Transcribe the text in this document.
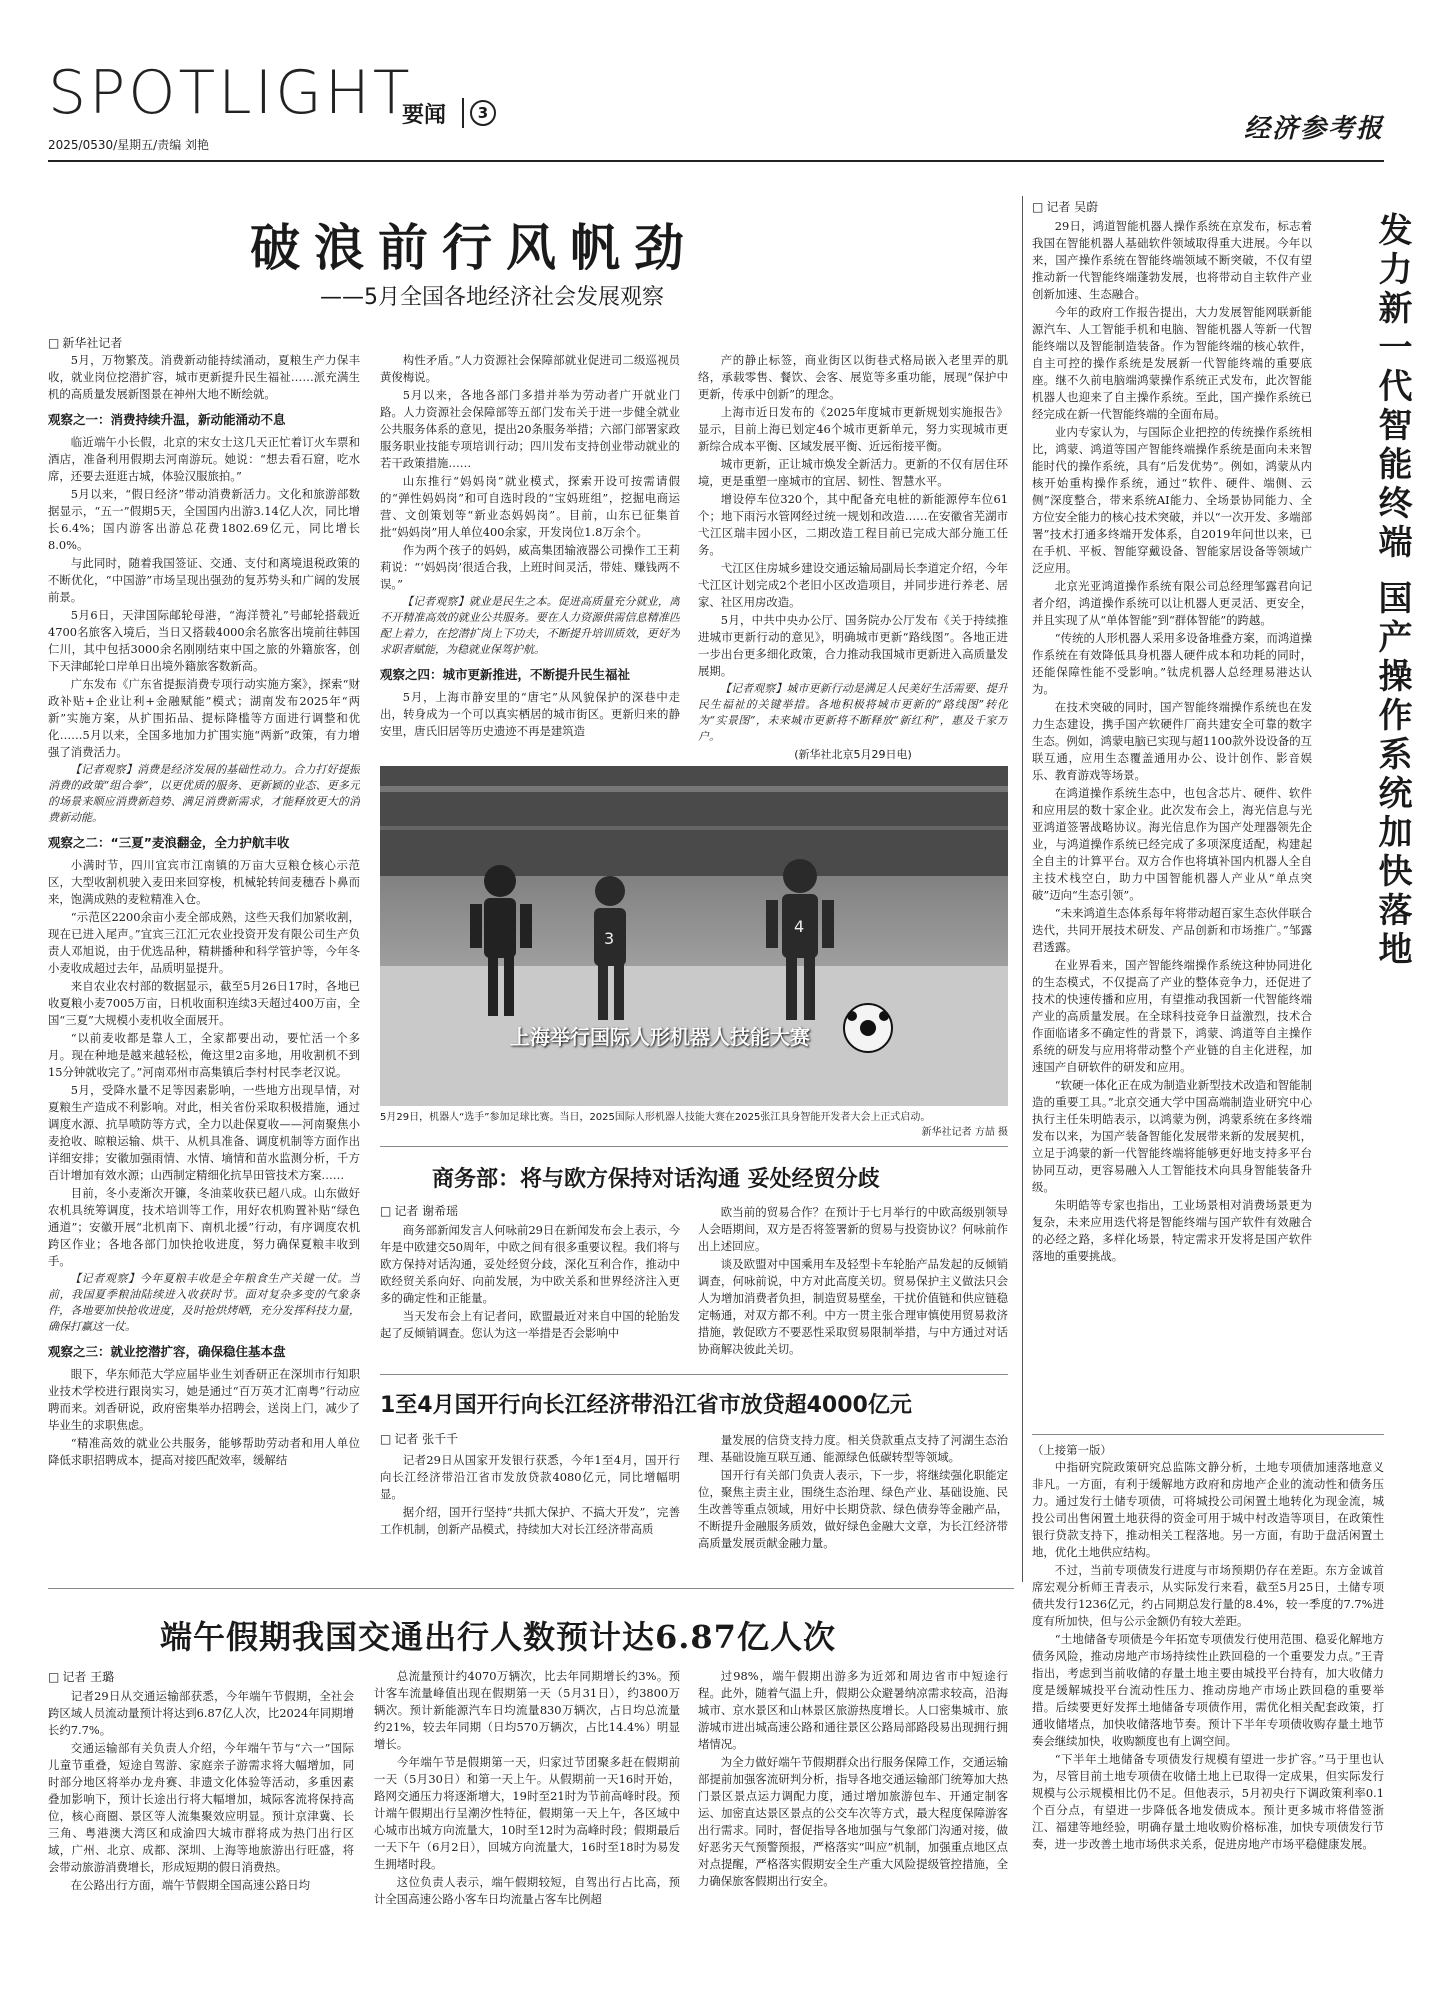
SPOTLIGHT
要闻	3
2025/0530/星期五/责编 刘艳
经济参考报
破浪前行风帆劲
——5月全国各地经济社会发展观察
□ 新华社记者

5月，万物繁茂。消费新动能持续涌动，夏粮生产力保丰收，就业岗位挖潜扩容，城市更新提升民生福祉……派充满生机的高质量发展新图景在神州大地不断绘就。

观察之一：消费持续升温，新动能涌动不息

临近端午小长假，北京的宋女士这几天正忙着订火车票和酒店，准备利用假期去河南游玩。她说：“想去看石窟，吃水席，还要去逛逛古城，体验汉服旅拍。”

5月以来，“假日经济”带动消费新活力。文化和旅游部数据显示，“五一”假期5天，全国国内出游3.14亿人次，同比增长6.4%；国内游客出游总花费1802.69亿元，同比增长8.0%。

与此同时，随着我国签证、交通、支付和离境退税政策的不断优化，“中国游”市场呈现出强劲的复苏势头和广阔的发展前景。

5月6日，天津国际邮轮母港，“海洋赞礼”号邮轮搭载近4700名旅客入境后，当日又搭载4000余名旅客出境前往韩国仁川，其中包括3000余名刚刚结束中国之旅的外籍旅客，创下天津邮轮口岸单日出境外籍旅客数新高。

广东发布《广东省提振消费专项行动实施方案》，探索“财政补贴+企业让利+金融赋能”模式；湖南发布2025年“两新”实施方案，从扩围拓品、提标降槛等方面进行调整和优化……5月以来，全国多地加力扩围实施“两新”政策，有力增强了消费活力。

【记者观察】消费是经济发展的基础性动力。合力打好提振消费的政策“组合拳”，以更优质的服务、更新颖的业态、更多元的场景来顺应消费新趋势、满足消费新需求，才能释放更大的消费新动能。

观察之二：“三夏”麦浪翻金，全力护航丰收

小满时节，四川宜宾市江南镇的万亩大豆粮仓核心示范区，大型收割机驶入麦田来回穿梭，机械轮转间麦穗吞卜鼻而来，饱满成熟的麦粒精准入仓。

“示范区2200余亩小麦全部成熟，这些天我们加紧收割，现在已进入尾声。”宜宾三江汇元农业投资开发有限公司生产负责人邓旭说，由于优选品种，精耕播种和科学管护等，今年冬小麦收成超过去年，品质明显提升。

来自农业农村部的数据显示，截至5月26日17时，各地已收夏粮小麦7005万亩，日机收面积连续3天超过400万亩，全国“三夏”大规模小麦机收全面展开。

“以前麦收都是靠人工，全家都要出动，要忙活一个多月。现在种地是越来越轻松，俺这里2亩多地，用收割机不到15分钟就收完了。”河南邓州市高集镇后李村村民李老汉说。

5月，受降水量不足等因素影响，一些地方出现旱情，对夏粮生产造成不利影响。对此，相关省份采取积极措施，通过调度水源、抗旱喷防等方式，全力以赴保夏收——河南聚焦小麦抢收、晾粮运输、烘干、从机具准备、调度机制等方面作出详细安排；安徽加强雨情、水情、墒情和苗水监测分析，千方百计增加有效水源；山西制定精细化抗旱田管技术方案……

目前，冬小麦渐次开镰，冬油菜收获已超八成。山东做好农机具统筹调度，技术培训等工作，用好农机购置补贴“绿色通道”；安徽开展“北机南下、南机北援”行动，有序调度农机跨区作业；各地各部门加快抢收进度，努力确保夏粮丰收到手。

【记者观察】今年夏粮丰收是全年粮食生产关键一仗。当前，我国夏季粮油陆续进入收获时节。面对复杂多变的气象条件，各地要加快抢收进度，及时抢烘烤晒，充分发挥科技力量，确保打赢这一仗。

观察之三：就业挖潜扩容，确保稳住基本盘

眼下，华东师范大学应届毕业生刘香研正在深圳市行知职业技术学校进行跟岗实习，她是通过“百万英才汇南粤”行动应聘而来。刘香研说，政府密集举办招聘会，送岗上门，减少了毕业生的求职焦虑。

“精准高效的就业公共服务，能够帮助劳动者和用人单位降低求职招聘成本，提高对接匹配效率，缓解结

构性矛盾。”人力资源社会保障部就业促进司二级巡视员黄俊梅说。

5月以来，各地各部门多措并举为劳动者广开就业门路。人力资源社会保障部等五部门发布关于进一步健全就业公共服务体系的意见，提出20条服务举措；六部门部署家政服务职业技能专项培训行动；四川发布支持创业带动就业的若干政策措施……

山东推行“妈妈岗”就业模式，探索开设可按需请假的“弹性妈妈岗”和可自选时段的“宝妈班组”，挖掘电商运营、文创策划等“新业态妈妈岗”。目前，山东已征集首批“妈妈岗”用人单位400余家，开发岗位1.8万余个。

作为两个孩子的妈妈，威高集团输液器公司操作工王莉莉说：“‘妈妈岗’很适合我，上班时间灵活，带娃、赚钱两不误。”

【记者观察】就业是民生之本。促进高质量充分就业，离不开精准高效的就业公共服务。要在人力资源供需信息精准匹配上着力，在挖潜扩岗上下功夫，不断提升培训质效，更好为求职者赋能，为稳就业保驾护航。

观察之四：城市更新推进，不断提升民生福祉

5月，上海市静安里的“唐宅”从风貌保护的深巷中走出，转身成为一个可以真实栖居的城市街区。更新归来的静安里，唐氏旧居等历史遗迹不再是建筑造

产的静止标签，商业街区以街巷式格局嵌入老里弄的肌络，承载零售、餐饮、会客、展览等多重功能，展现“保护中更新，传承中创新”的理念。

上海市近日发布的《2025年度城市更新规划实施报告》显示，目前上海已划定46个城市更新单元，努力实现城市更新综合成本平衡、区域发展平衡、近远衔接平衡。

城市更新，正让城市焕发全新活力。更新的不仅有居住环境，更是重塑一座城市的宜居、韧性、智慧水平。

增设停车位320个，其中配备充电桩的新能源停车位61个；地下雨污水管网经过统一规划和改造……在安徽省芜湖市弋江区瑞丰园小区，二期改造工程目前已完成大部分施工任务。

弋江区住房城乡建设交通运输局副局长李道定介绍，今年弋江区计划完成2个老旧小区改造项目，并同步进行养老、居家、社区用房改造。

5月，中共中央办公厅、国务院办公厅发布《关于持续推进城市更新行动的意见》，明确城市更新“路线图”。各地正进一步出台更多细化政策，合力推动我国城市更新进入高质量发展期。

【记者观察】城市更新行动是满足人民美好生活需要、提升民生福祉的关键举措。各地积极将城市更新的“路线图”转化为“实景图”，未来城市更新将不断释放“新红利”，惠及千家万户。

(新华社北京5月29日电)
3
4
上海举行国际人形机器人技能大赛
5月29日，机器人“选手”参加足球比赛。当日，2025国际人形机器人技能大赛在2025张江具身智能开发者大会上正式启动。
新华社记者 方喆 摄
商务部：将与欧方保持对话沟通 妥处经贸分歧
□ 记者 谢希瑶

商务部新闻发言人何咏前29日在新闻发布会上表示，今年是中欧建交50周年，中欧之间有很多重要议程。我们将与欧方保持对话沟通，妥处经贸分歧，深化互利合作，推动中欧经贸关系向好、向前发展，为中欧关系和世界经济注入更多的确定性和正能量。

当天发布会上有记者问，欧盟最近对来自中国的轮胎发起了反倾销调查。您认为这一举措是否会影响中

欧当前的贸易合作？在预计于七月举行的中欧高级别领导人会晤期间，双方是否将签署新的贸易与投资协议？何咏前作出上述回应。

谈及欧盟对中国乘用车及轻型卡车轮胎产品发起的反倾销调查，何咏前说，中方对此高度关切。贸易保护主义做法只会人为增加消费者负担，制造贸易壁垒，干扰价值链和供应链稳定畅通，对双方都不利。中方一贯主张合理审慎使用贸易救济措施，敦促欧方不要恶性采取贸易限制举措，与中方通过对话协商解决彼此关切。

1至4月国开行向长江经济带沿江省市放贷超4000亿元
□ 记者 张千千

记者29日从国家开发银行获悉，今年1至4月，国开行向长江经济带沿江省市发放贷款4080亿元，同比增幅明显。

据介绍，国开行坚持“共抓大保护、不搞大开发”，完善工作机制，创新产品模式，持续加大对长江经济带高质

量发展的信贷支持力度。相关贷款重点支持了河湖生态治理、基础设施互联互通、能源绿色低碳转型等领域。

国开行有关部门负责人表示，下一步，将继续强化职能定位，聚焦主责主业，围绕生态治理、绿色产业、基础设施、民生改善等重点领域，用好中长期贷款、绿色债券等金融产品，不断提升金融服务质效，做好绿色金融大文章，为长江经济带高质量发展贡献金融力量。

□ 记者 吴蔚
发力新一代智能终端 国产操作系统加快落地

29日，鸿道智能机器人操作系统在京发布，标志着我国在智能机器人基础软件领域取得重大进展。今年以来，国产操作系统在智能终端领域不断突破，不仅有望推动新一代智能终端蓬勃发展，也将带动自主软件产业创新加速、生态融合。

今年的政府工作报告提出，大力发展智能网联新能源汽车、人工智能手机和电脑、智能机器人等新一代智能终端以及智能制造装备。作为智能终端的核心软件，自主可控的操作系统是发展新一代智能终端的重要底座。继不久前电脑端鸿蒙操作系统正式发布，此次智能机器人也迎来了自主操作系统。至此，国产操作系统已经完成在新一代智能终端的全面布局。

业内专家认为，与国际企业把控的传统操作系统相比，鸿蒙、鸿道等国产智能终端操作系统是面向未来智能时代的操作系统，具有“后发优势”。例如，鸿蒙从内核开始重构操作系统，通过“软件、硬件、端侧、云侧”深度整合，带来系统AI能力、全场景协同能力、全方位安全能力的核心技术突破，并以“一次开发、多端部署”技术打通多终端开发体系，自2019年问世以来，已在手机、平板、智能穿戴设备、智能家居设备等领域广泛应用。

北京光亚鸿道操作系统有限公司总经理邹露君向记者介绍，鸿道操作系统可以让机器人更灵活、更安全，并且实现了从“单体智能”到“群体智能”的跨越。

“传统的人形机器人采用多设备堆叠方案，而鸿道操作系统在有效降低具身机器人硬件成本和功耗的同时，还能保障性能不受影响。”钛虎机器人总经理易港达认为。

在技术突破的同时，国产智能终端操作系统也在发力生态建设，携手国产软硬件厂商共建安全可靠的数字生态。例如，鸿蒙电脑已实现与超1100款外设设备的互联互通，应用生态覆盖通用办公、设计创作、影音娱乐、教育游戏等场景。

在鸿道操作系统生态中，也包含芯片、硬件、软件和应用层的数十家企业。此次发布会上，海光信息与光亚鸿道签署战略协议。海光信息作为国产处理器领先企业，与鸿道操作系统已经完成了多项深度适配，构建起全自主的计算平台。双方合作也将填补国内机器人全自主技术栈空白，助力中国智能机器人产业从“单点突破”迈向“生态引领”。

“未来鸿道生态体系每年将带动超百家生态伙伴联合迭代，共同开展技术研发、产品创新和市场推广。”邹露君透露。

在业界看来，国产智能终端操作系统这种协同进化的生态模式，不仅提高了产业的整体竞争力，还促进了技术的快速传播和应用，有望推动我国新一代智能终端产业的高质量发展。在全球科技竞争日益激烈，技术合作面临诸多不确定性的背景下，鸿蒙、鸿道等自主操作系统的研发与应用将带动整个产业链的自主化进程，加速国产自研软件的研发和应用。

“软硬一体化正在成为制造业新型技术改造和智能制造的重要工具。”北京交通大学中国高端制造业研究中心执行主任朱明皓表示，以鸿蒙为例，鸿蒙系统在多终端发布以来，为国产装备智能化发展带来新的发展契机，立足于鸿蒙的新一代智能终端将能够更好地支持多平台协同互动，更容易融入人工智能技术向具身智能装备升级。

朱明皓等专家也指出，工业场景相对消费场景更为复杂，未来应用迭代将是智能终端与国产软件有效融合的必经之路，多样化场景，特定需求开发将是国产软件落地的重要挑战。

（上接第一版）

中指研究院政策研究总监陈文静分析，土地专项债加速落地意义非凡。一方面，有利于缓解地方政府和房地产企业的流动性和债务压力。通过发行土储专项债，可将城投公司闲置土地转化为现金流，城投公司出售闲置土地获得的资金可用于城中村改造等项目，在政策性银行贷款支持下，推动相关工程落地。另一方面，有助于盘活闲置土地，优化土地供应结构。

不过，当前专项债发行进度与市场预期仍存在差距。东方金诚首席宏观分析师王青表示，从实际发行来看，截至5月25日，土储专项债共发行1236亿元，约占同期总发行量的8.4%，较一季度的7.7%进度有所加快，但与公示金额仍有较大差距。

“土地储备专项债是今年拓宽专项债发行使用范围、稳妥化解地方债务风险，推动房地产市场持续性止跌回稳的一个重要发力点。”王青指出，考虑到当前收储的存量土地主要由城投平台持有，加大收储力度是缓解城投平台流动性压力、推动房地产市场止跌回稳的重要举措。后续要更好发挥土地储备专项债作用，需优化相关配套政策，打通收储堵点，加快收储落地节奏。预计下半年专项债收购存量土地节奏会继续加快，收购额度也有上调空间。

“下半年土地储备专项债发行规模有望进一步扩容。”马于里也认为，尽管目前土地专项债在收储土地上已取得一定成果，但实际发行规模与公示规模相比仍不足。但他表示，5月初央行下调政策利率0.1个百分点，有望进一步降低各地发债成本。预计更多城市将借签浙江、福建等地经验，明确存量土地收购价格标准，加快专项债发行节奏，进一步改善土地市场供求关系，促进房地产市场平稳健康发展。

端午假期我国交通出行人数预计达6.87亿人次
□ 记者 王璐

记者29日从交通运输部获悉，今年端午节假期，全社会跨区域人员流动量预计将达到6.87亿人次，比2024年同期增长约7.7%。

交通运输部有关负责人介绍，今年端午节与“六一”国际儿童节重叠，短途自驾游、家庭亲子游需求将大幅增加，同时部分地区将举办龙舟赛、非遗文化体验等活动，多重因素叠加影响下，预计长途出行将大幅增加，城际客流将保持高位，核心商圈、景区等人流集聚效应明显。预计京津冀、长三角、粤港澳大湾区和成渝四大城市群将成为热门出行区域，广州、北京、成都、深圳、上海等地旅游出行旺盛，将会带动旅游消费增长，形成短期的假日消费热。

在公路出行方面，端午节假期全国高速公路日均

总流量预计约4070万辆次，比去年同期增长约3%。预计客车流量峰值出现在假期第一天（5月31日），约3800万辆次。预计新能源汽车日均流量830万辆次，占日均总流量约21%，较去年同期（日均570万辆次，占比14.4%）明显增长。

今年端午节是假期第一天，归家过节团聚多赶在假期前一天（5月30日）和第一天上午。从假期前一天16时开始，路网交通压力将逐渐增大，19时至21时为节前高峰时段。预计端午假期出行呈潮汐性特征，假期第一天上午，各区域中心城市出城方向流量大，10时至12时为高峰时段；假期最后一天下午（6月2日），回城方向流量大，16时至18时为易发生拥堵时段。

这位负责人表示，端午假期较短，自驾出行占比高，预计全国高速公路小客车日均流量占客车比例超

过98%，端午假期出游多为近郊和周边省市中短途行程。此外，随着气温上升，假期公众避暑纳凉需求较高，沿海城市、京水景区和山林景区旅游热度增长。人口密集城市、旅游城市进出城高速公路和通往景区公路局部路段易出现拥行拥堵情况。

为全力做好端午节假期群众出行服务保障工作，交通运输部提前加强客流研判分析，指导各地交通运输部门统筹加大热门景区景点运力调配力度，通过增加旅游包车、开通定制客运、加密直达景区景点的公交车次等方式，最大程度保障游客出行需求。同时，督促指导各地加强与气象部门沟通对接，做好恶劣天气预警预报，严格落实“叫应”机制，加强重点地区点对点提醒，严格落实假期安全生产重大风险提级管控措施，全力确保旅客假期出行安全。
